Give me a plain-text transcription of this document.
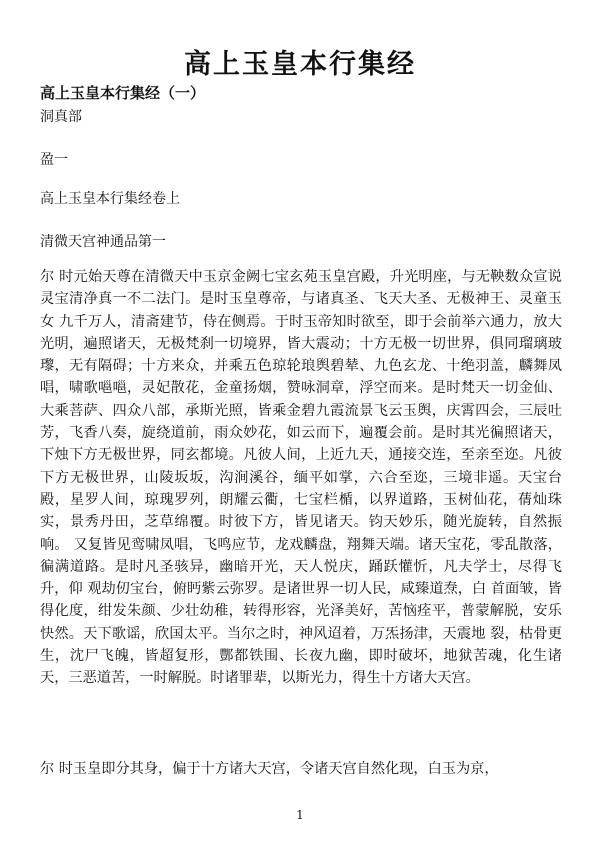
高上玉皇本行集经
高上玉皇本行集经（一）
洞真部
盈一
高上玉皇本行集经卷上
清微天宫神通品第一
尔 时元始天尊在清微天中玉京金阙七宝玄苑玉皇宫殿，升光明座，与无鞅数众宣说灵宝清净真一不二法门。是时玉皇尊帝，与诸真圣、飞天大圣、无极神王、灵童玉女 九千万人，清斋建节，侍在侧焉。于时玉帝知时欲至，即于会前举六通力，放大光明，遍照诸天，无极梵刹一切境界，皆大震动；十方无极一切世界，俱同瑠璃玻 瓈，无有隔碍；十方来众，并乘五色琼轮琅舆碧辇、九色玄龙、十绝羽盖，麟舞凤唱，啸歌嗈嗈，灵妃散花，金童扬烟，赞咏洞章，浮空而来。是时梵天一切金仙、 大乘菩萨、四众八部，承斯光照，皆乘金碧九霞流景飞云玉舆，庆霄四会，三辰吐芳，飞香八奏，旋绕道前，雨众妙花，如云而下，遍覆会前。是时其光徧照诸天， 下烛下方无极世界，同玄都境。凡彼人间，上近九天，通接交连，至亲至迩。凡彼下方无极世界，山陵坂坂，沟涧溪谷，缅平如掌，六合至迩，三境非遥。天宝台 殿，星罗人间，琼瑰罗列，朗耀云衢，七宝栏楯，以界道路，玉树仙花，蒨灿珠实，景秀丹田，芝草绵覆。时彼下方，皆见诸天。钧天妙乐，随光旋转，自然振响。 又复皆见鸾啸凤唱，飞鸣应节，龙戏麟盘，翔舞天端。诸天宝花，零乱散落，徧满道路。是时凡圣骇异，幽暗开光，天人悦庆，踊跃懽忻，凡夫学士，尽得飞升，仰 观劫仞宝台，俯眄紫云弥罗。是诸世界一切人民，咸臻道焘，白 首面皱，皆得化度，绀发朱颜、少壮幼稚，转得形容，光泽美好，苦恼痊平，普蒙解脱，安乐快然。天下歌谣，欣国太平。当尔之时，神风迢着，万炁扬津，天震地 裂，枯骨更生，沈尸飞魄，皆超复形，酆都铁围、长夜九幽，即时破坏，地狱苦魂，化生诸天，三恶道苦，一时解脱。时诸罪辈，以斯光力，得生十方诸大天宫。
尔 时玉皇即分其身，偏于十方诸大天宫，令诸天宫自然化现，白玉为京，
1
